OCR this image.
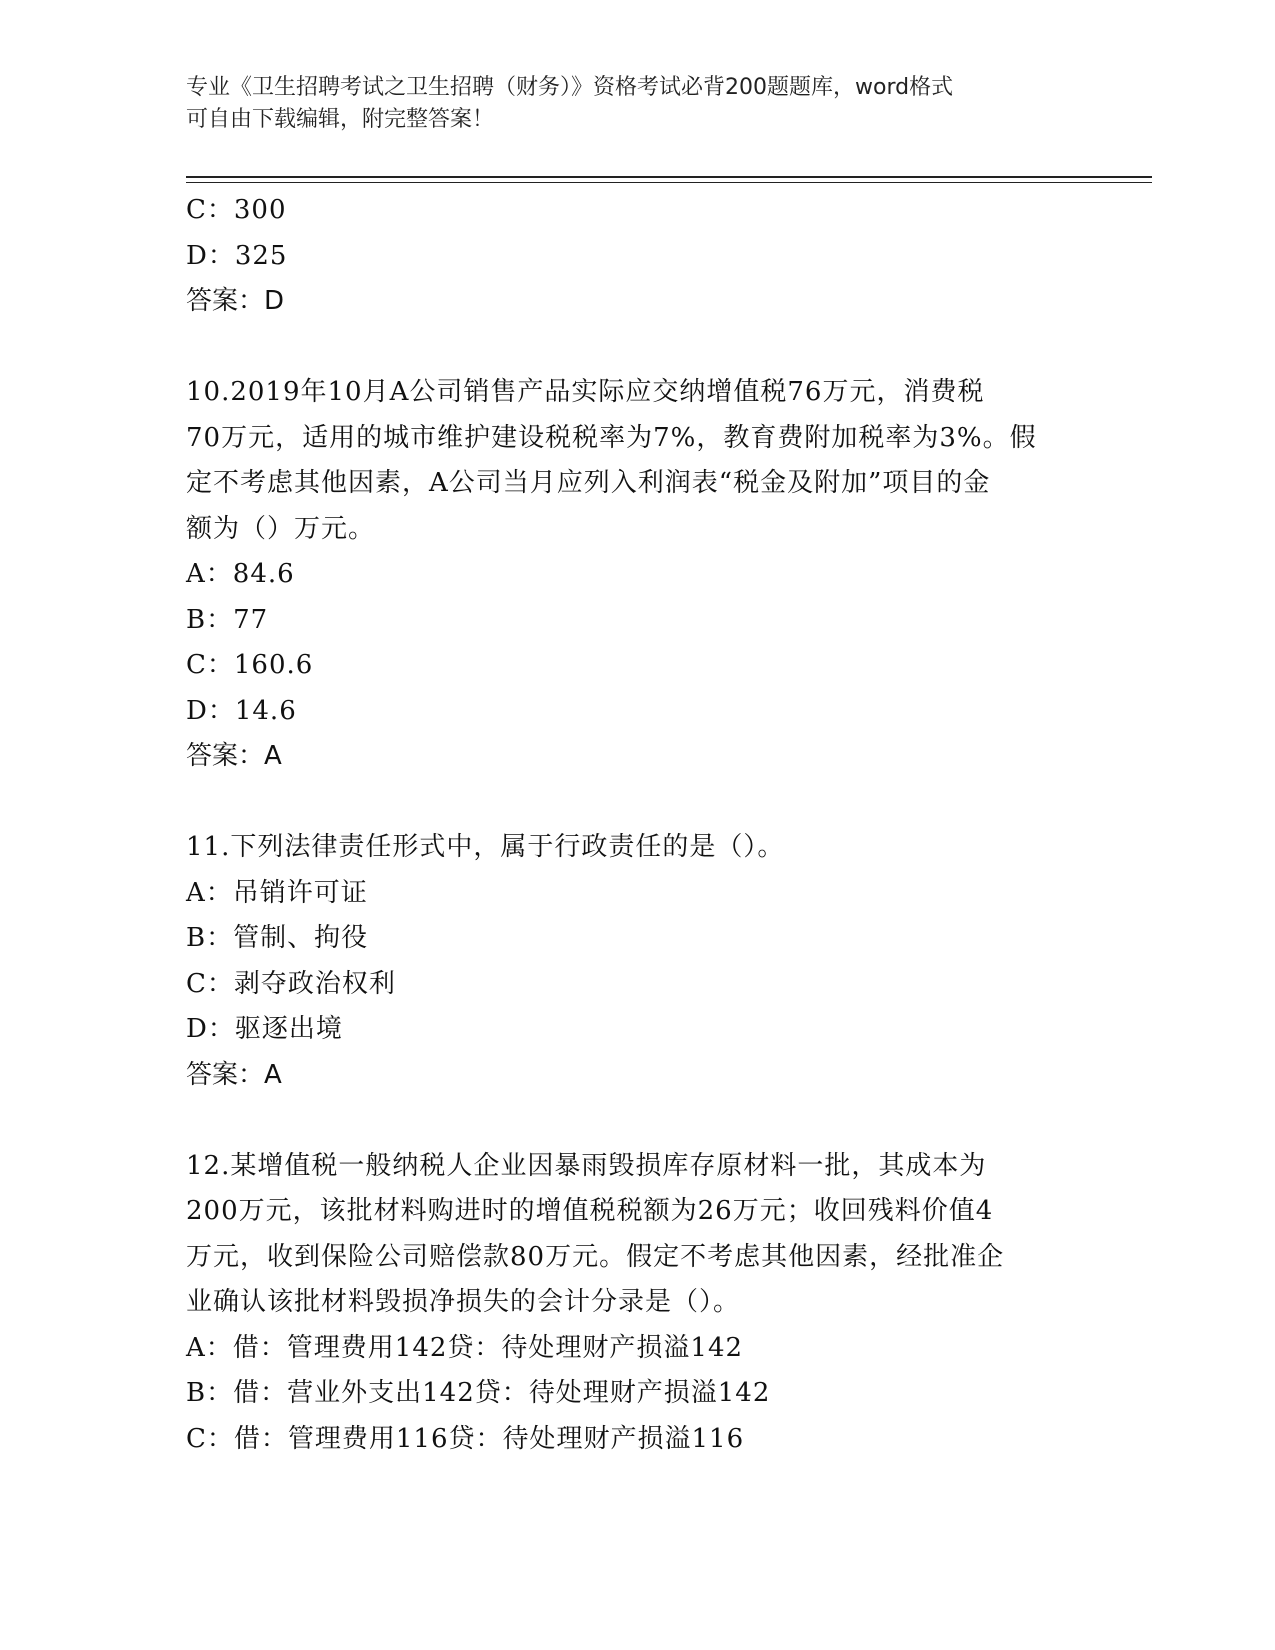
专业《卫生招聘考试之卫生招聘（财务）》资格考试必背200题题库，word格式
可自由下载编辑，附完整答案！
C：300
D：325
答案：D
10.2019年10月A公司销售产品实际应交纳增值税76万元，消费税
70万元，适用的城市维护建设税税率为7%，教育费附加税率为3%。假
定不考虑其他因素，A公司当月应列入利润表“税金及附加”项目的金
额为（）万元。
A：84.6
B：77
C：160.6
D：14.6
答案：A
11.下列法律责任形式中，属于行政责任的是（）。
A：吊销许可证
B：管制、拘役
C：剥夺政治权利
D：驱逐出境
答案：A
12.某增值税一般纳税人企业因暴雨毁损库存原材料一批，其成本为
200万元，该批材料购进时的增值税税额为26万元；收回残料价值4
万元，收到保险公司赔偿款80万元。假定不考虑其他因素，经批准企
业确认该批材料毁损净损失的会计分录是（）。
A：借：管理费用142贷：待处理财产损溢142
B：借：营业外支出142贷：待处理财产损溢142
C：借：管理费用116贷：待处理财产损溢116
